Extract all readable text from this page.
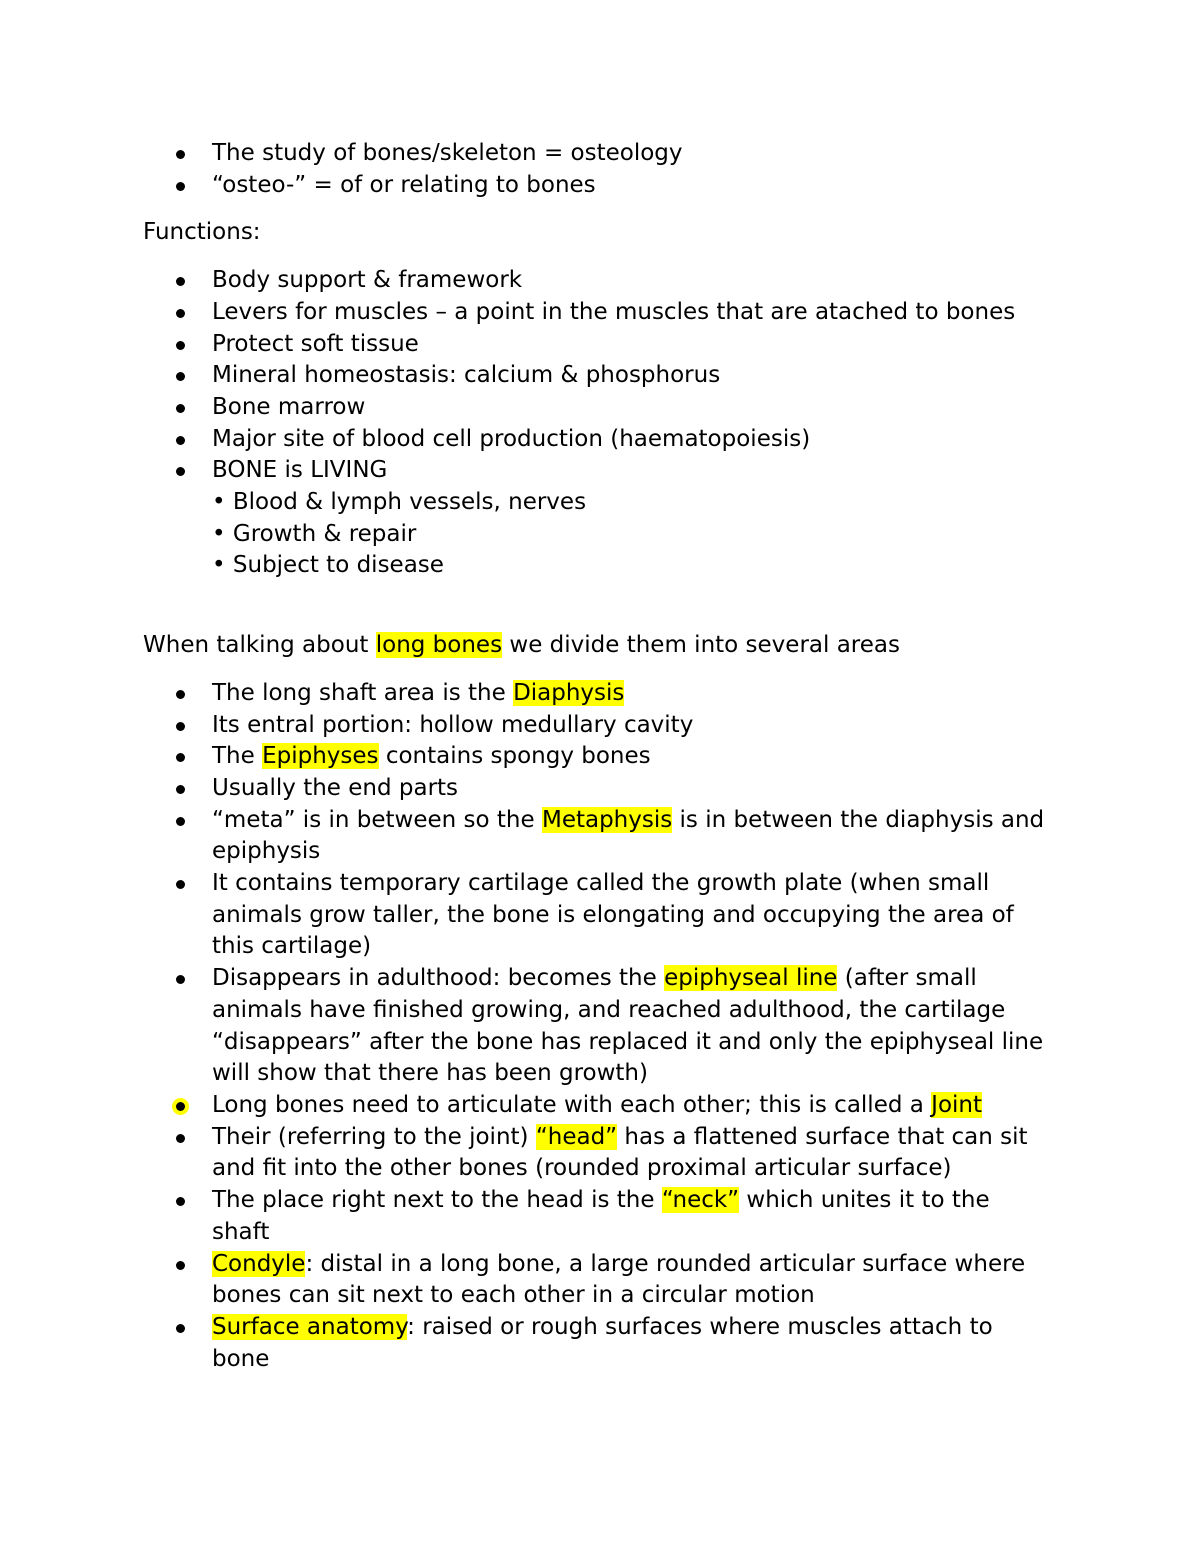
The study of bones/skeleton = osteology
“osteo-” = of or relating to bones

Functions:

Body support & framework
Levers for muscles – a point in the muscles that are atached to bones
Protect soft tissue
Mineral homeostasis: calcium & phosphorus
Bone marrow
Major site of blood cell production (haematopoiesis)
BONE is LIVING
• Blood & lymph vessels, nerves
• Growth & repair
• Subject to disease

When talking about long bones we divide them into several areas

The long shaft area is the Diaphysis
Its entral portion: hollow medullary cavity
The Epiphyses contains spongy bones
Usually the end parts
“meta” is in between so the Metaphysis is in between the diaphysis and epiphysis
It contains temporary cartilage called the growth plate (when small animals grow taller, the bone is elongating and occupying the area of this cartilage)
Disappears in adulthood: becomes the epiphyseal line (after small animals have finished growing, and reached adulthood, the cartilage “disappears” after the bone has replaced it and only the epiphyseal line will show that there has been growth)
Long bones need to articulate with each other; this is called a Joint
Their (referring to the joint) “head” has a flattened surface that can sit and fit into the other bones (rounded proximal articular surface)
The place right next to the head is the “neck” which unites it to the shaft
Condyle: distal in a long bone, a large rounded articular surface where bones can sit next to each other in a circular motion
Surface anatomy: raised or rough surfaces where muscles attach to bone
